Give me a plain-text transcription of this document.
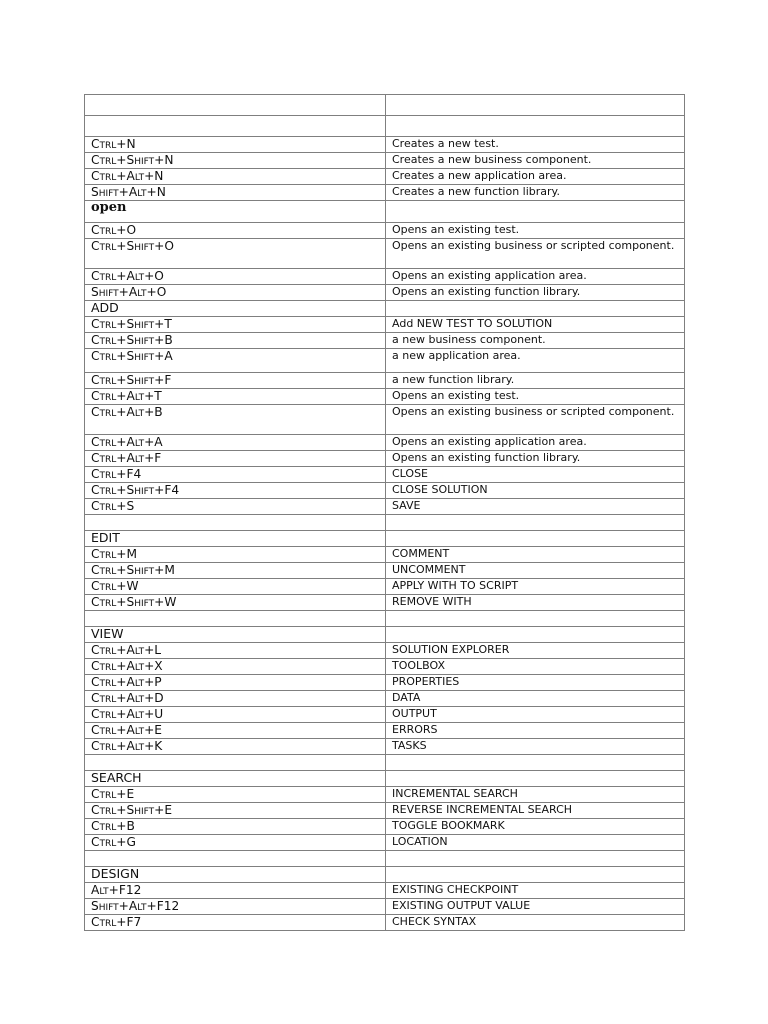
Ctrl+N	Creates a new test.
Ctrl+Shift+N	Creates a new business component.
Ctrl+Alt+N	Creates a new application area.
Shift+Alt+N	Creates a new function library.
open	
Ctrl+O	Opens an existing test.
Ctrl+Shift+O	Opens an existing business or scripted component.
Ctrl+Alt+O	Opens an existing application area.
Shift+Alt+O	Opens an existing function library.
ADD	
Ctrl+Shift+T	Add NEW TEST TO SOLUTION
Ctrl+Shift+B	a new business component.
Ctrl+Shift+A	a new application area.
Ctrl+Shift+F	a new function library.
Ctrl+Alt+T	Opens an existing test.
Ctrl+Alt+B	Opens an existing business or scripted component.
Ctrl+Alt+A	Opens an existing application area.
Ctrl+Alt+F	Opens an existing function library.
Ctrl+F4	CLOSE
Ctrl+Shift+F4	CLOSE SOLUTION
Ctrl+S	SAVE

EDIT	
Ctrl+M	COMMENT
Ctrl+Shift+M	UNCOMMENT
Ctrl+W	APPLY WITH TO SCRIPT
Ctrl+Shift+W	REMOVE WITH

VIEW	
Ctrl+Alt+L	SOLUTION EXPLORER
Ctrl+Alt+X	TOOLBOX
Ctrl+Alt+P	PROPERTIES
Ctrl+Alt+D	DATA
Ctrl+Alt+U	OUTPUT
Ctrl+Alt+E	ERRORS
Ctrl+Alt+K	TASKS

SEARCH	
Ctrl+E	INCREMENTAL SEARCH
Ctrl+Shift+E	REVERSE INCREMENTAL SEARCH
Ctrl+B	TOGGLE BOOKMARK
Ctrl+G	LOCATION

DESIGN	
Alt+F12	EXISTING CHECKPOINT
Shift+Alt+F12	EXISTING OUTPUT VALUE
Ctrl+F7	CHECK SYNTAX
